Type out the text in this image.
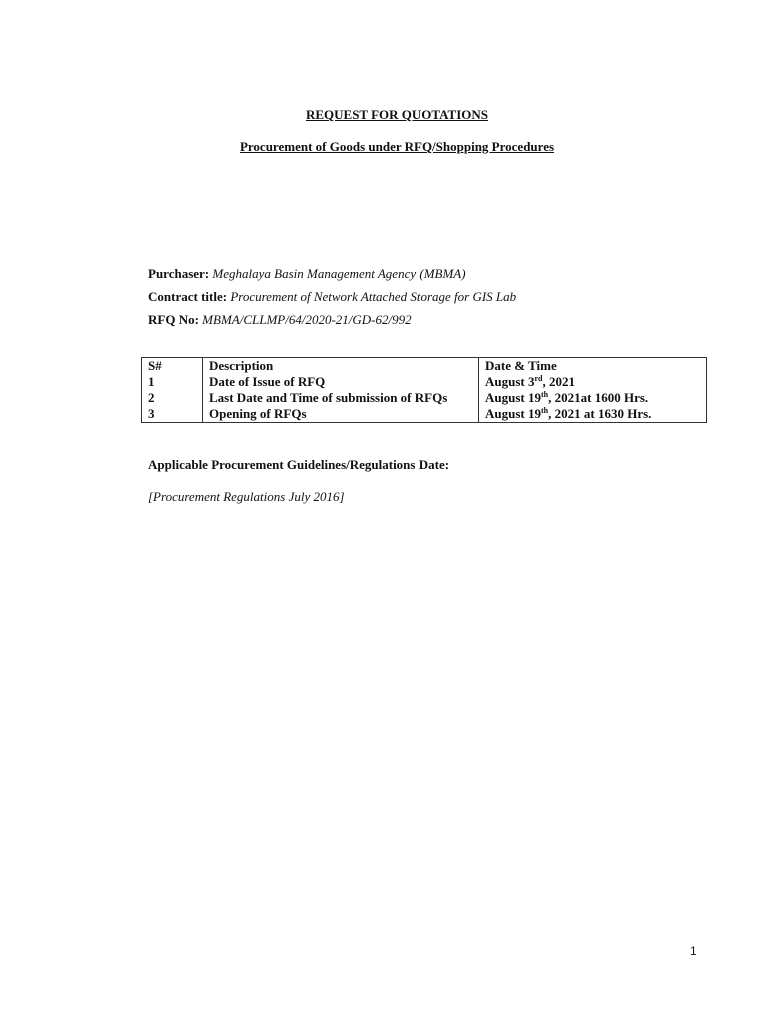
REQUEST FOR QUOTATIONS
Procurement of Goods under RFQ/Shopping Procedures
Purchaser: Meghalaya Basin Management Agency (MBMA)
Contract title: Procurement of Network Attached Storage for GIS Lab
RFQ No: MBMA/CLLMP/64/2020-21/GD-62/992
S#	Description	Date & Time
1	Date of Issue of RFQ	August 3rd, 2021
2	Last Date and Time of submission of RFQs	August 19th, 2021at 1600 Hrs.
3	Opening of RFQs	August 19th, 2021 at 1630 Hrs.
Applicable Procurement Guidelines/Regulations Date:
[Procurement Regulations July 2016]
1
